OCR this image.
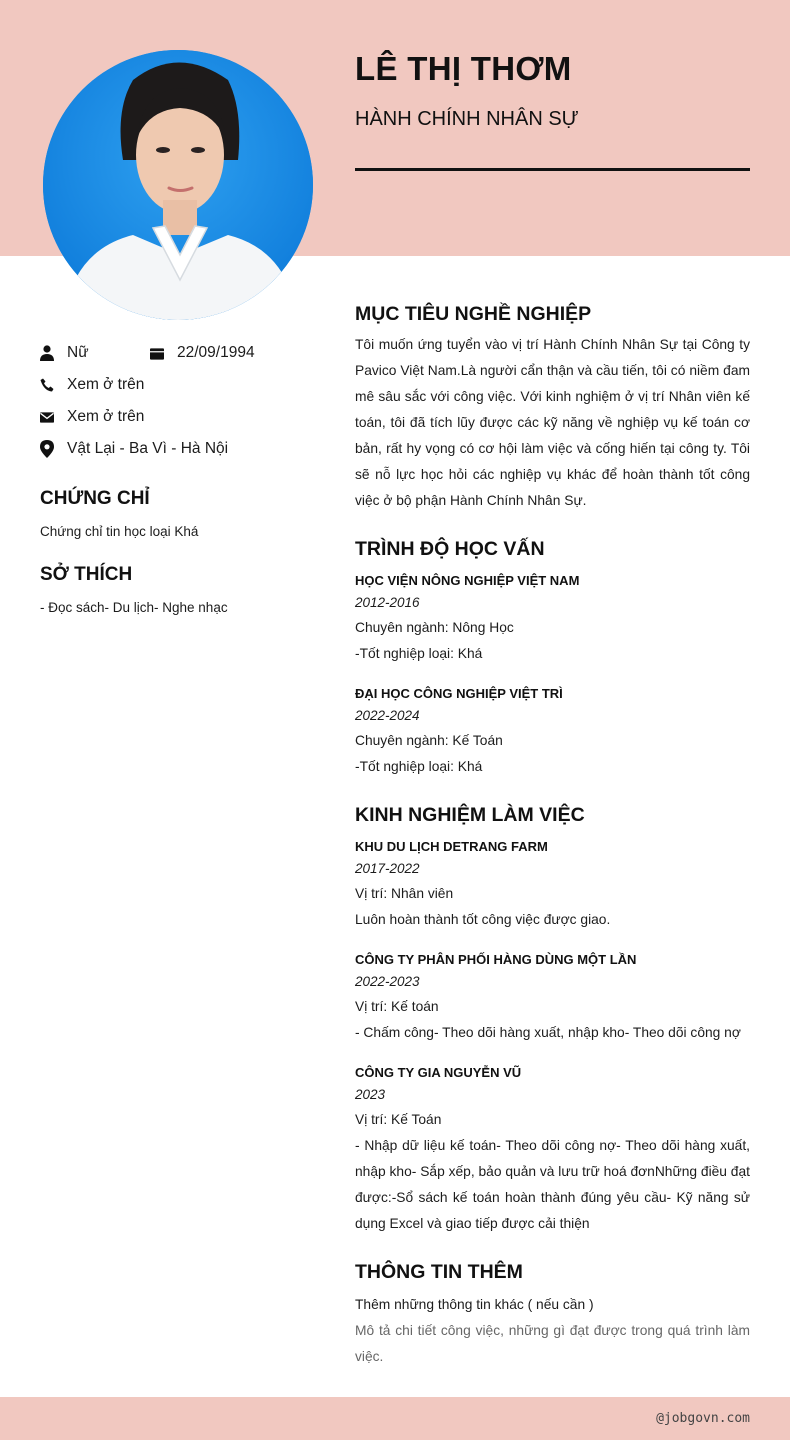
LÊ THỊ THƠM
HÀNH CHÍNH NHÂN SỰ
Nữ	22/09/1994
Xem ở trên
Xem ở trên
Vật Lại - Ba Vì - Hà Nội
CHỨNG CHỈ
Chứng chỉ tin học loại Khá
SỞ THÍCH
- Đọc sách- Du lịch- Nghe nhạc
MỤC TIÊU NGHỀ NGHIỆP
Tôi muốn ứng tuyển vào vị trí Hành Chính Nhân Sự tại Công ty Pavico Việt Nam.Là người cẩn thận và cầu tiến, tôi có niềm đam mê sâu sắc với công việc. Với kinh nghiệm ở vị trí Nhân viên kế toán, tôi đã tích lũy được các kỹ năng về nghiệp vụ kế toán cơ bản, rất hy vọng có cơ hội làm việc và cống hiến tại công ty. Tôi sẽ nỗ lực học hỏi các nghiệp vụ khác để hoàn thành tốt công việc ở bộ phận Hành Chính Nhân Sự.
TRÌNH ĐỘ HỌC VẤN
HỌC VIỆN NÔNG NGHIỆP VIỆT NAM
2012-2016
Chuyên ngành: Nông Học
-Tốt nghiệp loại: Khá
ĐẠI HỌC CÔNG NGHIỆP VIỆT TRÌ
2022-2024
Chuyên ngành: Kế Toán
-Tốt nghiệp loại: Khá
KINH NGHIỆM LÀM VIỆC
KHU DU LỊCH DETRANG FARM
2017-2022
Vị trí: Nhân viên
Luôn hoàn thành tốt công việc được giao.
CÔNG TY PHÂN PHỐI HÀNG DÙNG MỘT LẦN
2022-2023
Vị trí: Kế toán
- Chấm công- Theo dõi hàng xuất, nhập kho- Theo dõi công nợ
CÔNG TY GIA NGUYỄN VŨ
2023
Vị trí: Kế Toán
- Nhập dữ liệu kế toán- Theo dõi công nợ- Theo dõi hàng xuất, nhập kho- Sắp xếp, bảo quản và lưu trữ hoá đơnNhững điều đạt được:-Sổ sách kế toán hoàn thành đúng yêu cầu- Kỹ năng sử dụng Excel và giao tiếp được cải thiện
THÔNG TIN THÊM
Thêm những thông tin khác ( nếu cần )
Mô tả chi tiết công việc, những gì đạt được trong quá trình làm việc.
@jobgovn.com
